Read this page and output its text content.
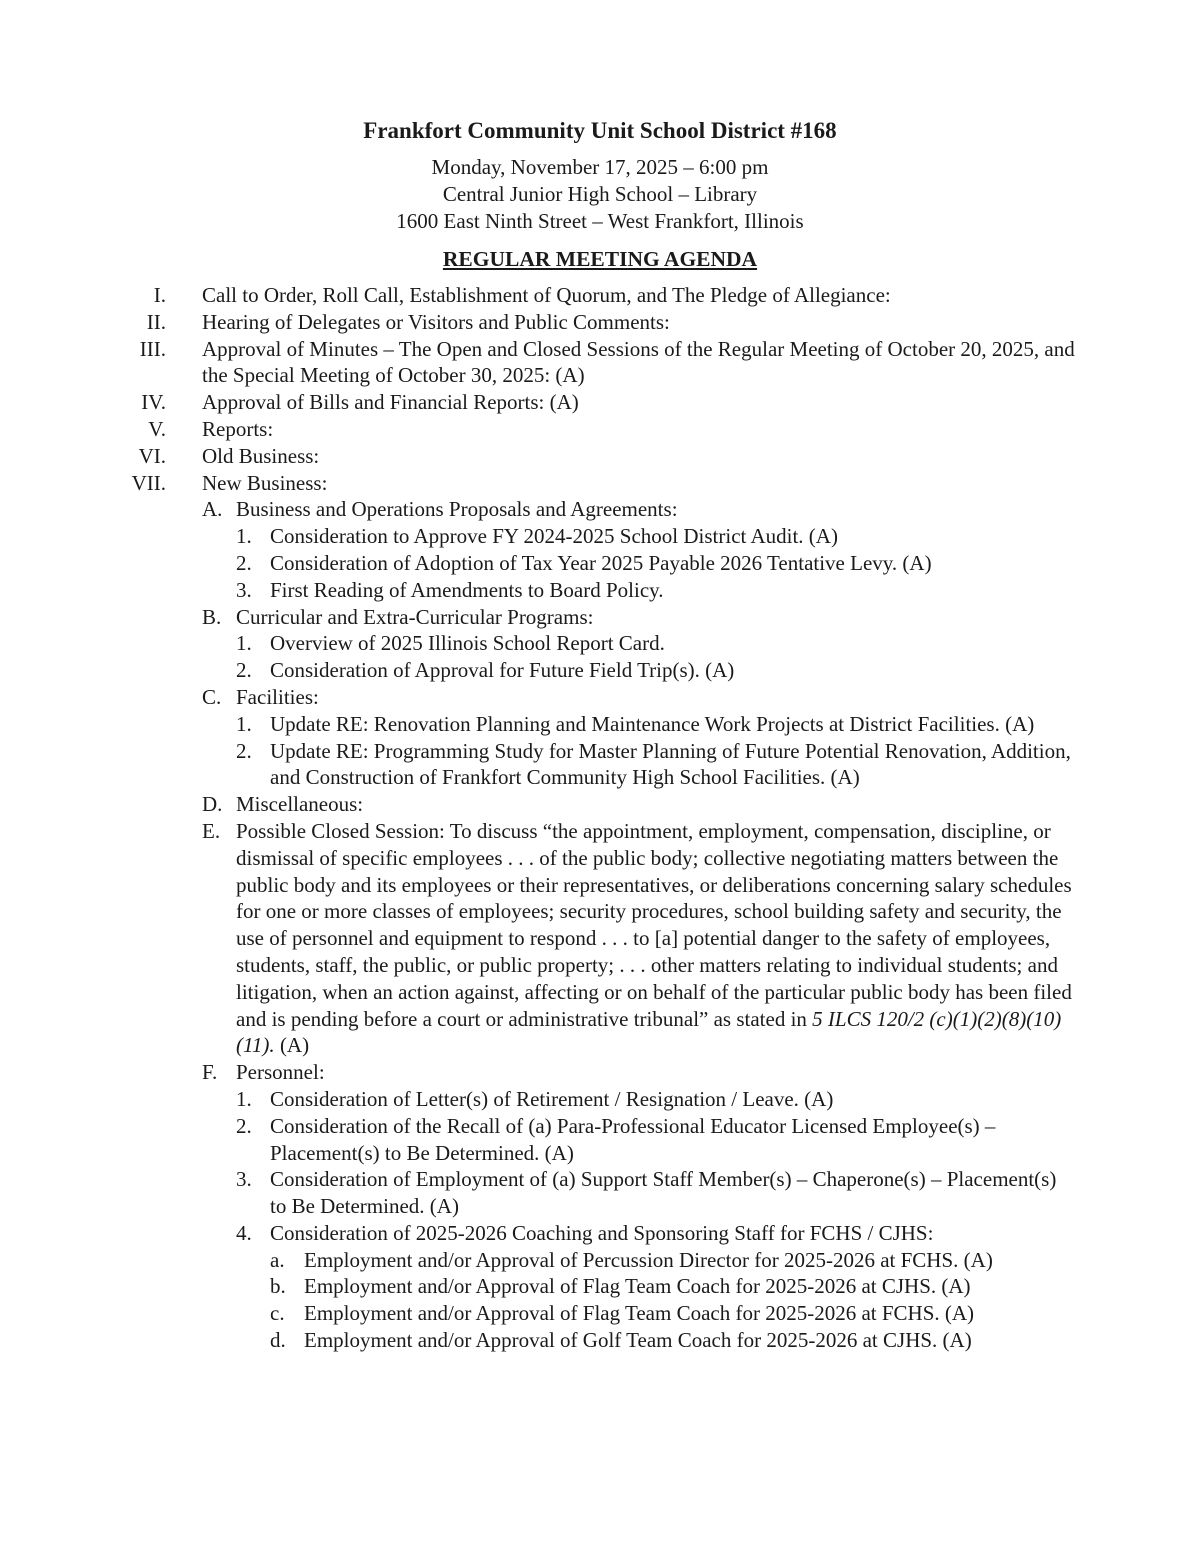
Frankfort Community Unit School District #168

Monday, November 17, 2025 – 6:00 pm

Central Junior High School – Library

1600 East Ninth Street – West Frankfort, Illinois

REGULAR MEETING AGENDA

I. Call to Order, Roll Call, Establishment of Quorum, and The Pledge of Allegiance:
II. Hearing of Delegates or Visitors and Public Comments:
III. Approval of Minutes – The Open and Closed Sessions of the Regular Meeting of October 20, 2025, and the Special Meeting of October 30, 2025: (A)
IV. Approval of Bills and Financial Reports: (A)
V. Reports:
VI. Old Business:
VII. New Business:
A. Business and Operations Proposals and Agreements:
1. Consideration to Approve FY 2024-2025 School District Audit. (A)
2. Consideration of Adoption of Tax Year 2025 Payable 2026 Tentative Levy. (A)
3. First Reading of Amendments to Board Policy.
B. Curricular and Extra-Curricular Programs:
1. Overview of 2025 Illinois School Report Card.
2. Consideration of Approval for Future Field Trip(s). (A)
C. Facilities:
1. Update RE: Renovation Planning and Maintenance Work Projects at District Facilities. (A)
2. Update RE: Programming Study for Master Planning of Future Potential Renovation, Addition, and Construction of Frankfort Community High School Facilities. (A)
D. Miscellaneous:
E. Possible Closed Session: To discuss “the appointment, employment, compensation, discipline, or dismissal of specific employees . . . of the public body; collective negotiating matters between the public body and its employees or their representatives, or deliberations concerning salary schedules for one or more classes of employees; security procedures, school building safety and security, the use of personnel and equipment to respond . . . to [a] potential danger to the safety of employees, students, staff, the public, or public property; . . . other matters relating to individual students; and litigation, when an action against, affecting or on behalf of the particular public body has been filed and is pending before a court or administrative tribunal” as stated in 5 ILCS 120/2 (c)(1)(2)(8)(10)(11). (A)
F. Personnel:
1. Consideration of Letter(s) of Retirement / Resignation / Leave. (A)
2. Consideration of the Recall of (a) Para-Professional Educator Licensed Employee(s) – Placement(s) to Be Determined. (A)
3. Consideration of Employment of (a) Support Staff Member(s) – Chaperone(s) – Placement(s) to Be Determined. (A)
4. Consideration of 2025-2026 Coaching and Sponsoring Staff for FCHS / CJHS:
a. Employment and/or Approval of Percussion Director for 2025-2026 at FCHS. (A)
b. Employment and/or Approval of Flag Team Coach for 2025-2026 at CJHS. (A)
c. Employment and/or Approval of Flag Team Coach for 2025-2026 at FCHS. (A)
d. Employment and/or Approval of Golf Team Coach for 2025-2026 at CJHS. (A)
